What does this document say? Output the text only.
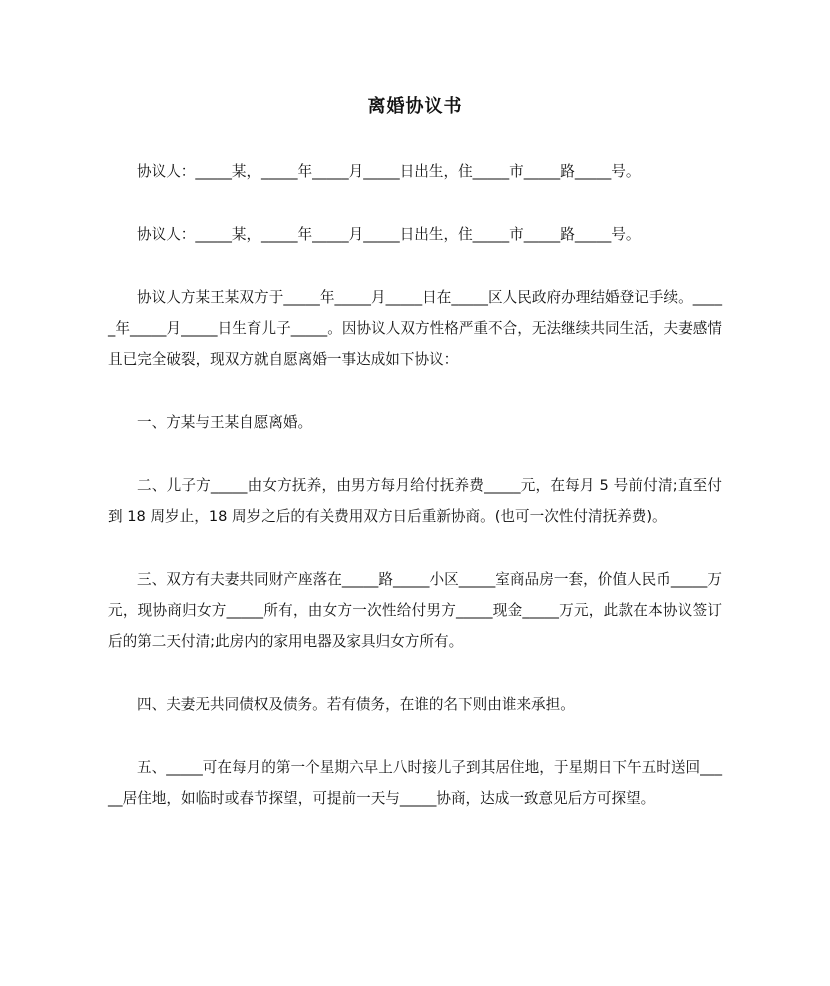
离婚协议书

协议人：_____某，_____年_____月_____日出生，住_____市_____路_____号。

协议人：_____某，_____年_____月_____日出生，住_____市_____路_____号。

协议人方某王某双方于_____年_____月_____日在_____区人民政府办理结婚登记手续。_____年_____月_____日生育儿子_____。因协议人双方性格严重不合，无法继续共同生活，夫妻感情且已完全破裂，现双方就自愿离婚一事达成如下协议：

一、方某与王某自愿离婚。

二、儿子方_____由女方抚养，由男方每月给付抚养费_____元，在每月 5 号前付清;直至付到 18 周岁止，18 周岁之后的有关费用双方日后重新协商。(也可一次性付清抚养费)。

三、双方有夫妻共同财产座落在_____路_____小区_____室商品房一套，价值人民币_____万元，现协商归女方_____所有，由女方一次性给付男方_____现金_____万元，此款在本协议签订后的第二天付清;此房内的家用电器及家具归女方所有。

四、夫妻无共同债权及债务。若有债务，在谁的名下则由谁来承担。

五、_____可在每月的第一个星期六早上八时接儿子到其居住地，于星期日下午五时送回_____居住地，如临时或春节探望，可提前一天与_____协商，达成一致意见后方可探望。
